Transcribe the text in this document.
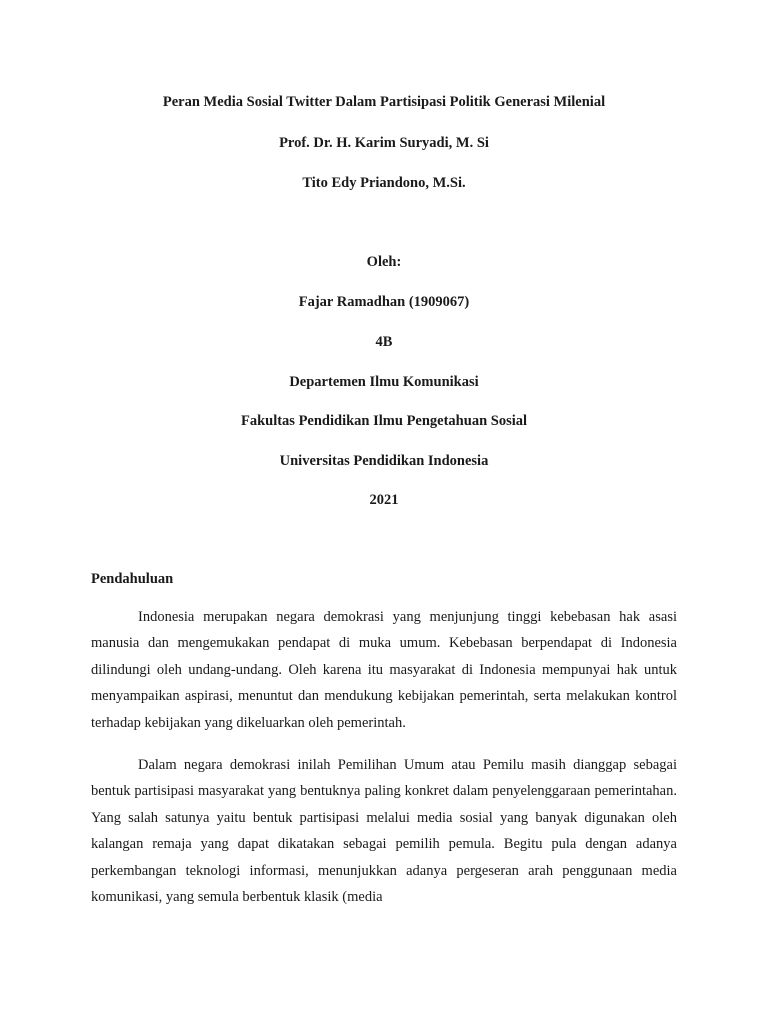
Peran Media Sosial Twitter Dalam Partisipasi Politik Generasi Milenial
Prof. Dr. H. Karim Suryadi, M. Si
Tito Edy Priandono, M.Si.
Oleh:
Fajar Ramadhan (1909067)
4B
Departemen Ilmu Komunikasi
Fakultas Pendidikan Ilmu Pengetahuan Sosial
Universitas Pendidikan Indonesia
2021
Pendahuluan

Indonesia merupakan negara demokrasi yang menjunjung tinggi kebebasan hak asasi manusia dan mengemukakan pendapat di muka umum. Kebebasan berpendapat di Indonesia dilindungi oleh undang-undang. Oleh karena itu masyarakat di Indonesia mempunyai hak untuk menyampaikan aspirasi, menuntut dan mendukung kebijakan pemerintah, serta melakukan kontrol terhadap kebijakan yang dikeluarkan oleh pemerintah.

Dalam negara demokrasi inilah Pemilihan Umum atau Pemilu masih dianggap sebagai bentuk partisipasi masyarakat yang bentuknya paling konkret dalam penyelenggaraan pemerintahan. Yang salah satunya yaitu bentuk partisipasi melalui media sosial yang banyak digunakan oleh kalangan remaja yang dapat dikatakan sebagai pemilih pemula. Begitu pula dengan adanya perkembangan teknologi informasi, menunjukkan adanya pergeseran arah penggunaan media komunikasi, yang semula berbentuk klasik (media
